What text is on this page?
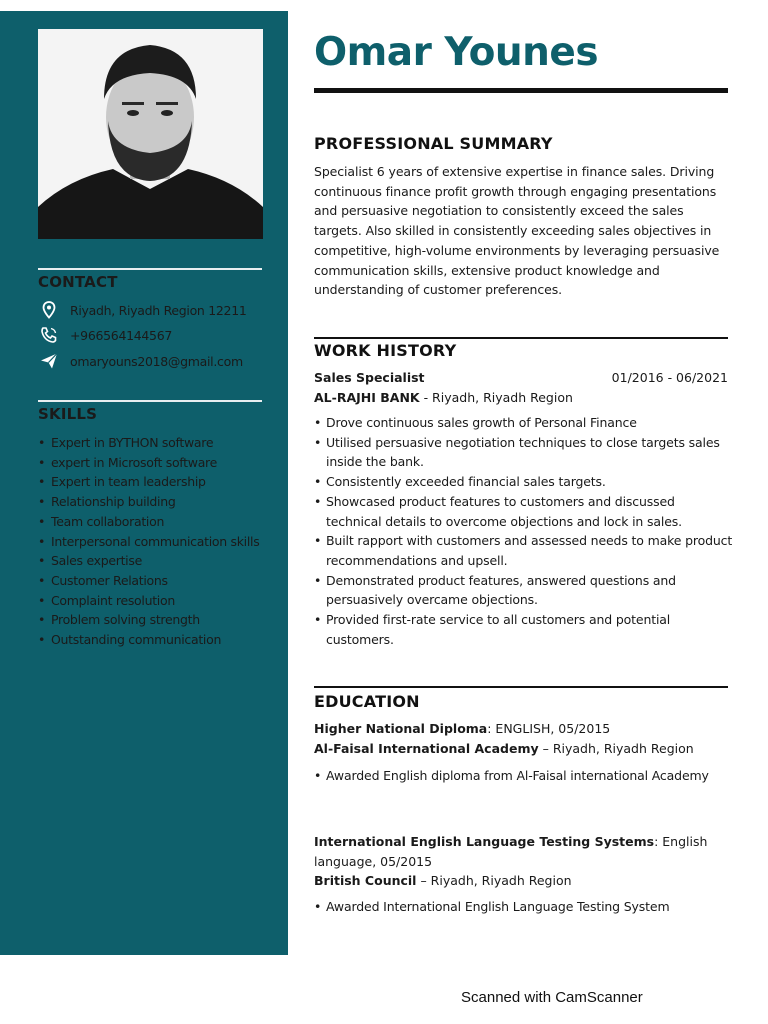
CONTACT
Riyadh, Riyadh Region 12211
+966564144567
omaryouns2018@gmail.com
SKILLS
• Expert in BYTHON software
• expert in Microsoft software
• Expert in team leadership
• Relationship building
• Team collaboration
• Interpersonal communication skills
• Sales expertise
• Customer Relations
• Complaint resolution
• Problem solving strength
• Outstanding communication
Omar Younes
PROFESSIONAL SUMMARY
Specialist 6 years of extensive expertise in finance sales. Driving continuous finance profit growth through engaging presentations and persuasive negotiation to consistently exceed the sales targets. Also skilled in consistently exceeding sales objectives in competitive, high-volume environments by leveraging persuasive communication skills, extensive product knowledge and understanding of customer preferences.
WORK HISTORY
Sales Specialist	01/2016 - 06/2021
AL-RAJHI BANK - Riyadh, Riyadh Region
• Drove continuous sales growth of Personal Finance
• Utilised persuasive negotiation techniques to close targets sales inside the bank.
• Consistently exceeded financial sales targets.
• Showcased product features to customers and discussed technical details to overcome objections and lock in sales.
• Built rapport with customers and assessed needs to make product recommendations and upsell.
• Demonstrated product features, answered questions and persuasively overcame objections.
• Provided first-rate service to all customers and potential customers.
EDUCATION
Higher National Diploma: ENGLISH, 05/2015
Al-Faisal International Academy – Riyadh, Riyadh Region
• Awarded English diploma from Al-Faisal international Academy
International English Language Testing Systems: English language, 05/2015
British Council – Riyadh, Riyadh Region
• Awarded International English Language Testing System
Scanned with CamScanner
